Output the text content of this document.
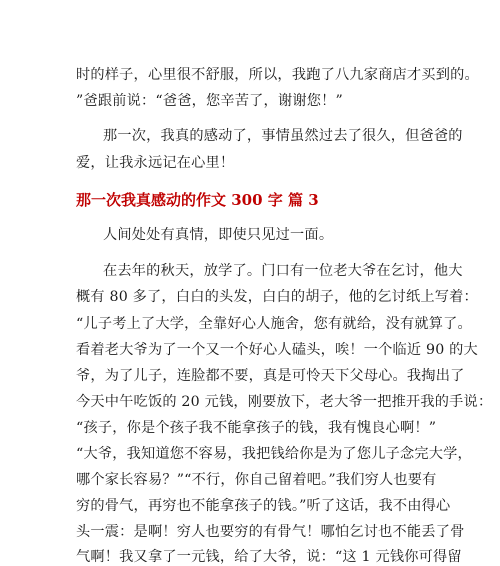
时的样子，心里很不舒服，所以，我跑了八九家商店才买到的。
”爸跟前说：“爸爸，您辛苦了，谢谢您！”
那一次，我真的感动了，事情虽然过去了很久，但爸爸的
爱，让我永远记在心里！
那一次我真感动的作文 300 字 篇 3
人间处处有真情，即使只见过一面。
在去年的秋天，放学了。门口有一位老大爷在乞讨，他大
概有 80 多了，白白的头发，白白的胡子，他的乞讨纸上写着：
“儿子考上了大学，全靠好心人施舍，您有就给，没有就算了。
看着老大爷为了一个又一个好心人磕头，唉！一个临近 90 的大
爷，为了儿子，连脸都不要，真是可怜天下父母心。我掏出了
今天中午吃饭的 20 元钱，刚要放下，老大爷一把推开我的手说：
“孩子，你是个孩子我不能拿孩子的钱，我有愧良心啊！”
“大爷，我知道您不容易，我把钱给你是为了您儿子念完大学，
哪个家长容易？”“不行，你自己留着吧。”我们穷人也要有
穷的骨气，再穷也不能拿孩子的钱。”听了这话，我不由得心
头一震：是啊！穷人也要穷的有骨气！哪怕乞讨也不能丢了骨
气啊！我又拿了一元钱，给了大爷，说：“这 1 元钱你可得留
